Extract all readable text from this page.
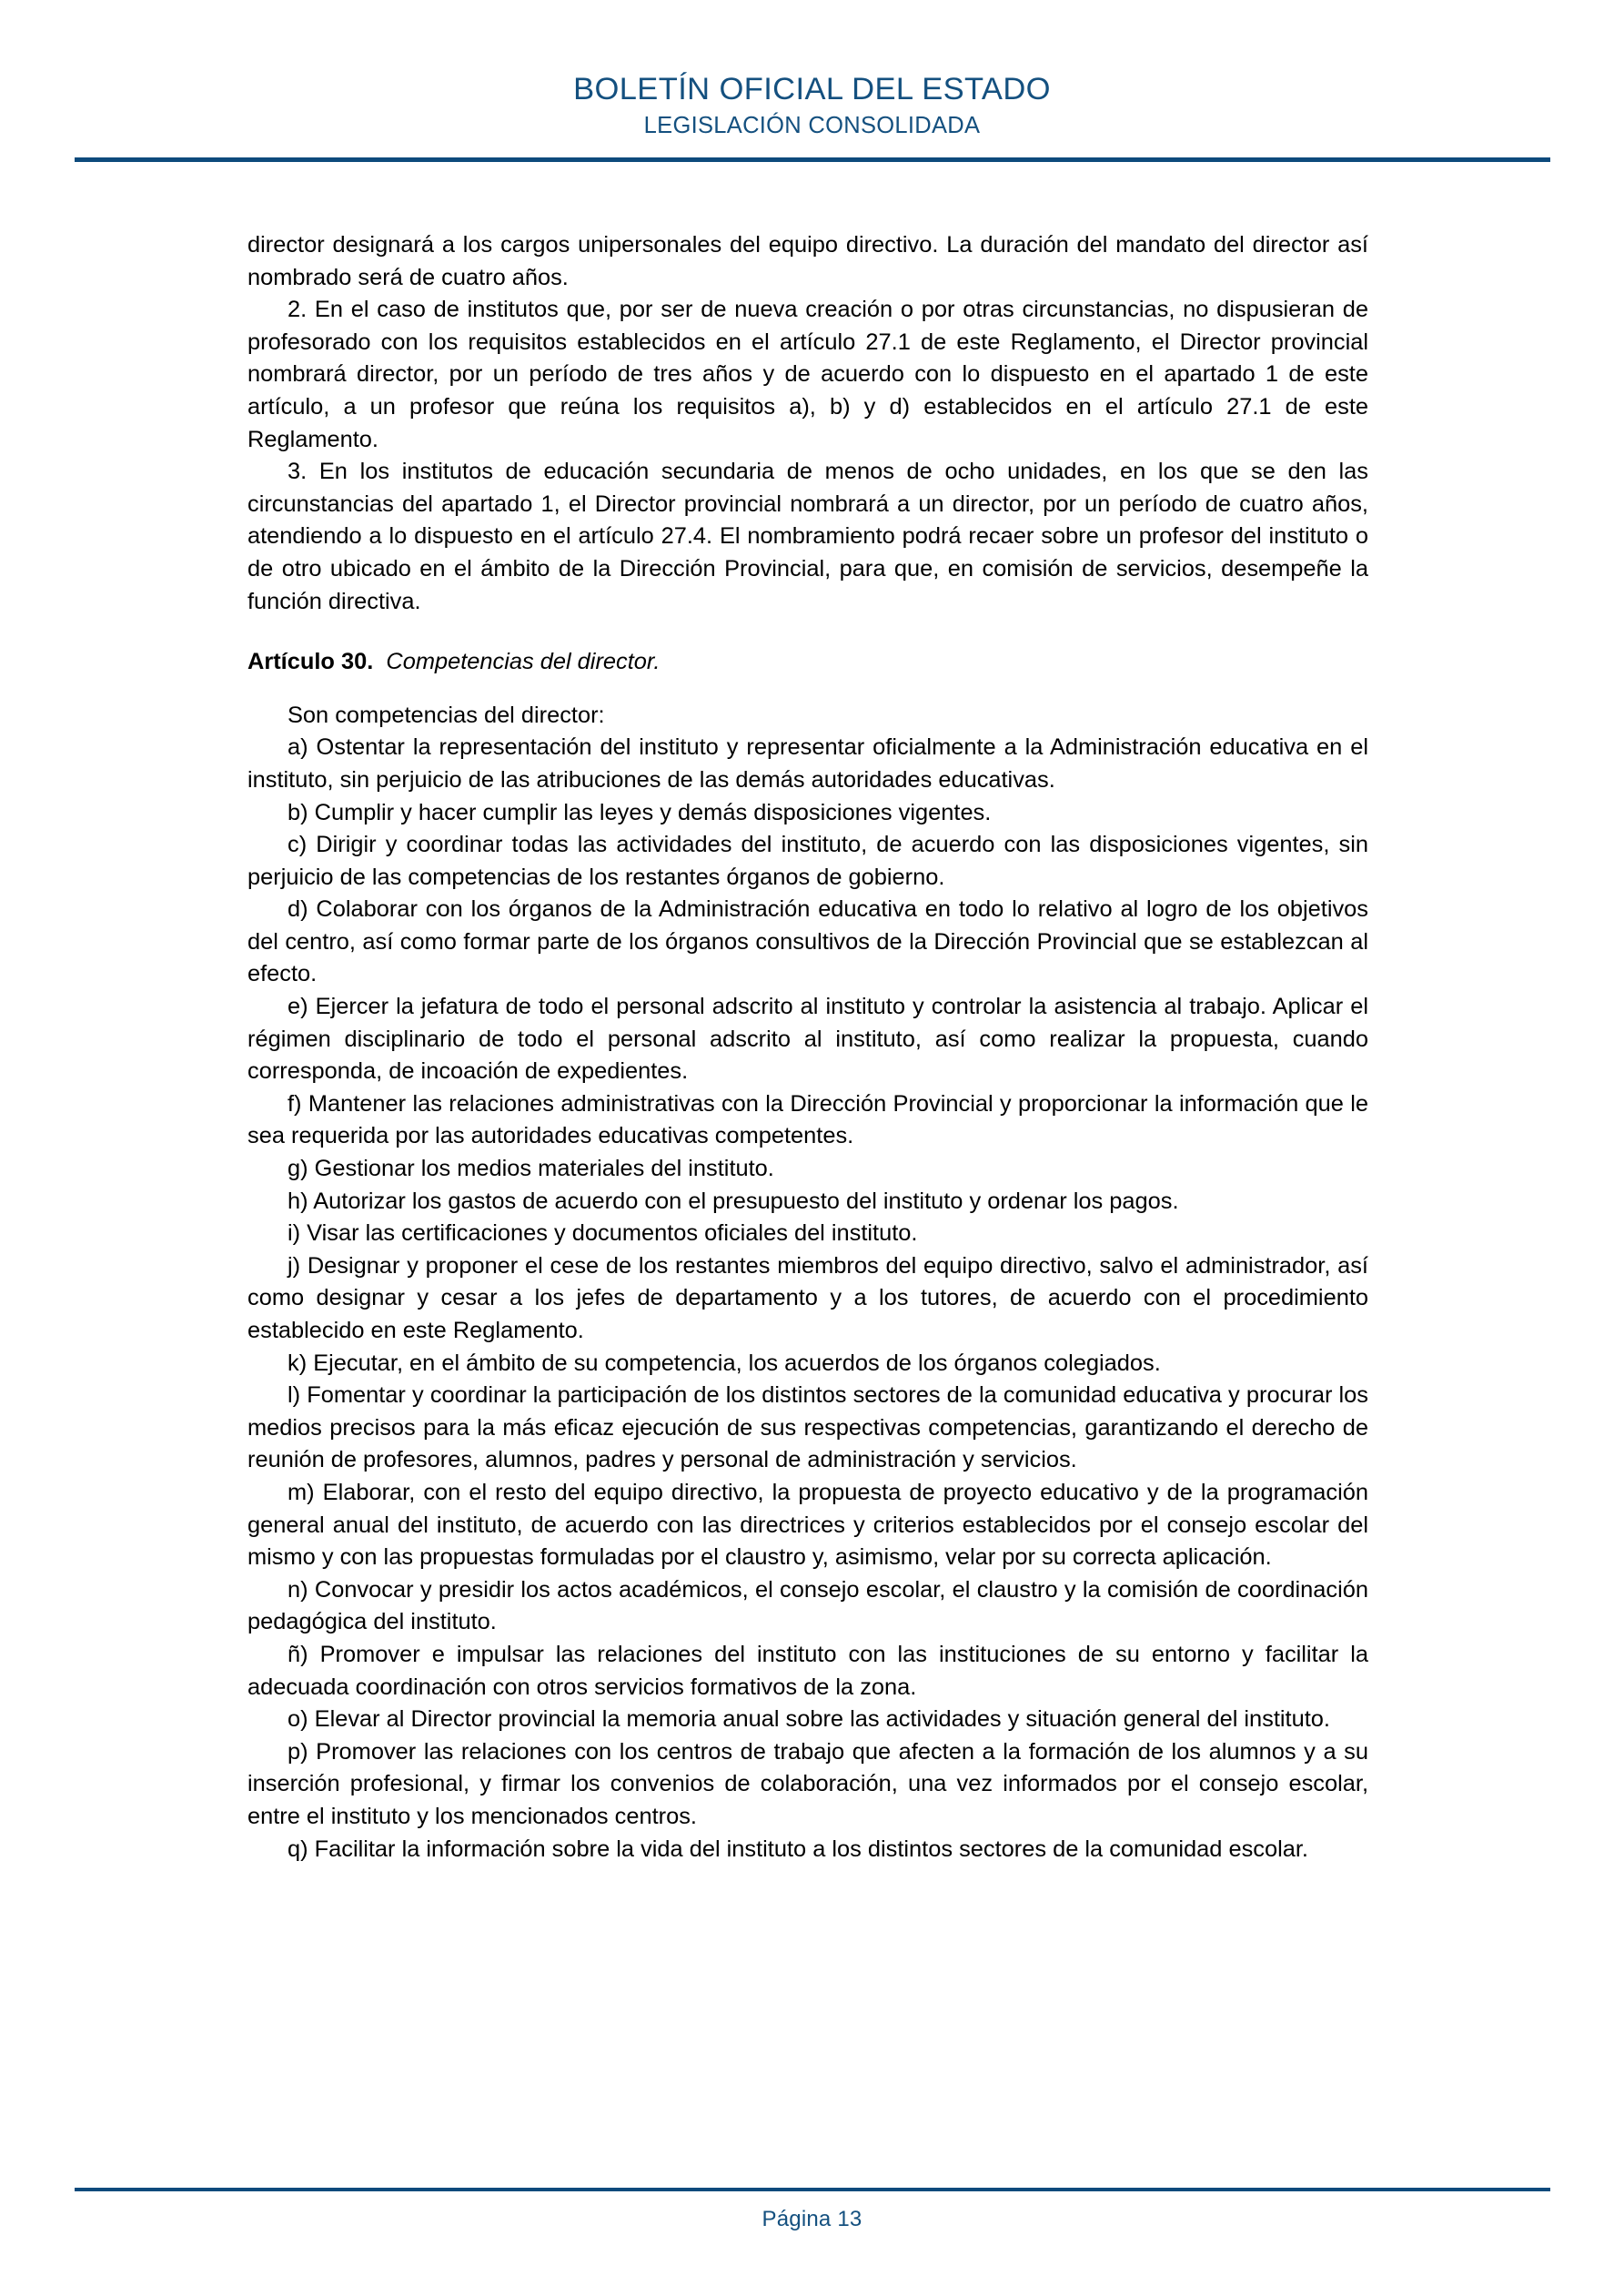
BOLETÍN OFICIAL DEL ESTADO
LEGISLACIÓN CONSOLIDADA

director designará a los cargos unipersonales del equipo directivo. La duración del mandato del director así nombrado será de cuatro años.

2. En el caso de institutos que, por ser de nueva creación o por otras circunstancias, no dispusieran de profesorado con los requisitos establecidos en el artículo 27.1 de este Reglamento, el Director provincial nombrará director, por un período de tres años y de acuerdo con lo dispuesto en el apartado 1 de este artículo, a un profesor que reúna los requisitos a), b) y d) establecidos en el artículo 27.1 de este Reglamento.

3. En los institutos de educación secundaria de menos de ocho unidades, en los que se den las circunstancias del apartado 1, el Director provincial nombrará a un director, por un período de cuatro años, atendiendo a lo dispuesto en el artículo 27.4. El nombramiento podrá recaer sobre un profesor del instituto o de otro ubicado en el ámbito de la Dirección Provincial, para que, en comisión de servicios, desempeñe la función directiva.

Artículo 30. Competencias del director.

Son competencias del director:

a) Ostentar la representación del instituto y representar oficialmente a la Administración educativa en el instituto, sin perjuicio de las atribuciones de las demás autoridades educativas.

b) Cumplir y hacer cumplir las leyes y demás disposiciones vigentes.

c) Dirigir y coordinar todas las actividades del instituto, de acuerdo con las disposiciones vigentes, sin perjuicio de las competencias de los restantes órganos de gobierno.

d) Colaborar con los órganos de la Administración educativa en todo lo relativo al logro de los objetivos del centro, así como formar parte de los órganos consultivos de la Dirección Provincial que se establezcan al efecto.

e) Ejercer la jefatura de todo el personal adscrito al instituto y controlar la asistencia al trabajo. Aplicar el régimen disciplinario de todo el personal adscrito al instituto, así como realizar la propuesta, cuando corresponda, de incoación de expedientes.

f) Mantener las relaciones administrativas con la Dirección Provincial y proporcionar la información que le sea requerida por las autoridades educativas competentes.

g) Gestionar los medios materiales del instituto.

h) Autorizar los gastos de acuerdo con el presupuesto del instituto y ordenar los pagos.

i) Visar las certificaciones y documentos oficiales del instituto.

j) Designar y proponer el cese de los restantes miembros del equipo directivo, salvo el administrador, así como designar y cesar a los jefes de departamento y a los tutores, de acuerdo con el procedimiento establecido en este Reglamento.

k) Ejecutar, en el ámbito de su competencia, los acuerdos de los órganos colegiados.

l) Fomentar y coordinar la participación de los distintos sectores de la comunidad educativa y procurar los medios precisos para la más eficaz ejecución de sus respectivas competencias, garantizando el derecho de reunión de profesores, alumnos, padres y personal de administración y servicios.

m) Elaborar, con el resto del equipo directivo, la propuesta de proyecto educativo y de la programación general anual del instituto, de acuerdo con las directrices y criterios establecidos por el consejo escolar del mismo y con las propuestas formuladas por el claustro y, asimismo, velar por su correcta aplicación.

n) Convocar y presidir los actos académicos, el consejo escolar, el claustro y la comisión de coordinación pedagógica del instituto.

ñ) Promover e impulsar las relaciones del instituto con las instituciones de su entorno y facilitar la adecuada coordinación con otros servicios formativos de la zona.

o) Elevar al Director provincial la memoria anual sobre las actividades y situación general del instituto.

p) Promover las relaciones con los centros de trabajo que afecten a la formación de los alumnos y a su inserción profesional, y firmar los convenios de colaboración, una vez informados por el consejo escolar, entre el instituto y los mencionados centros.

q) Facilitar la información sobre la vida del instituto a los distintos sectores de la comunidad escolar.

Página 13
